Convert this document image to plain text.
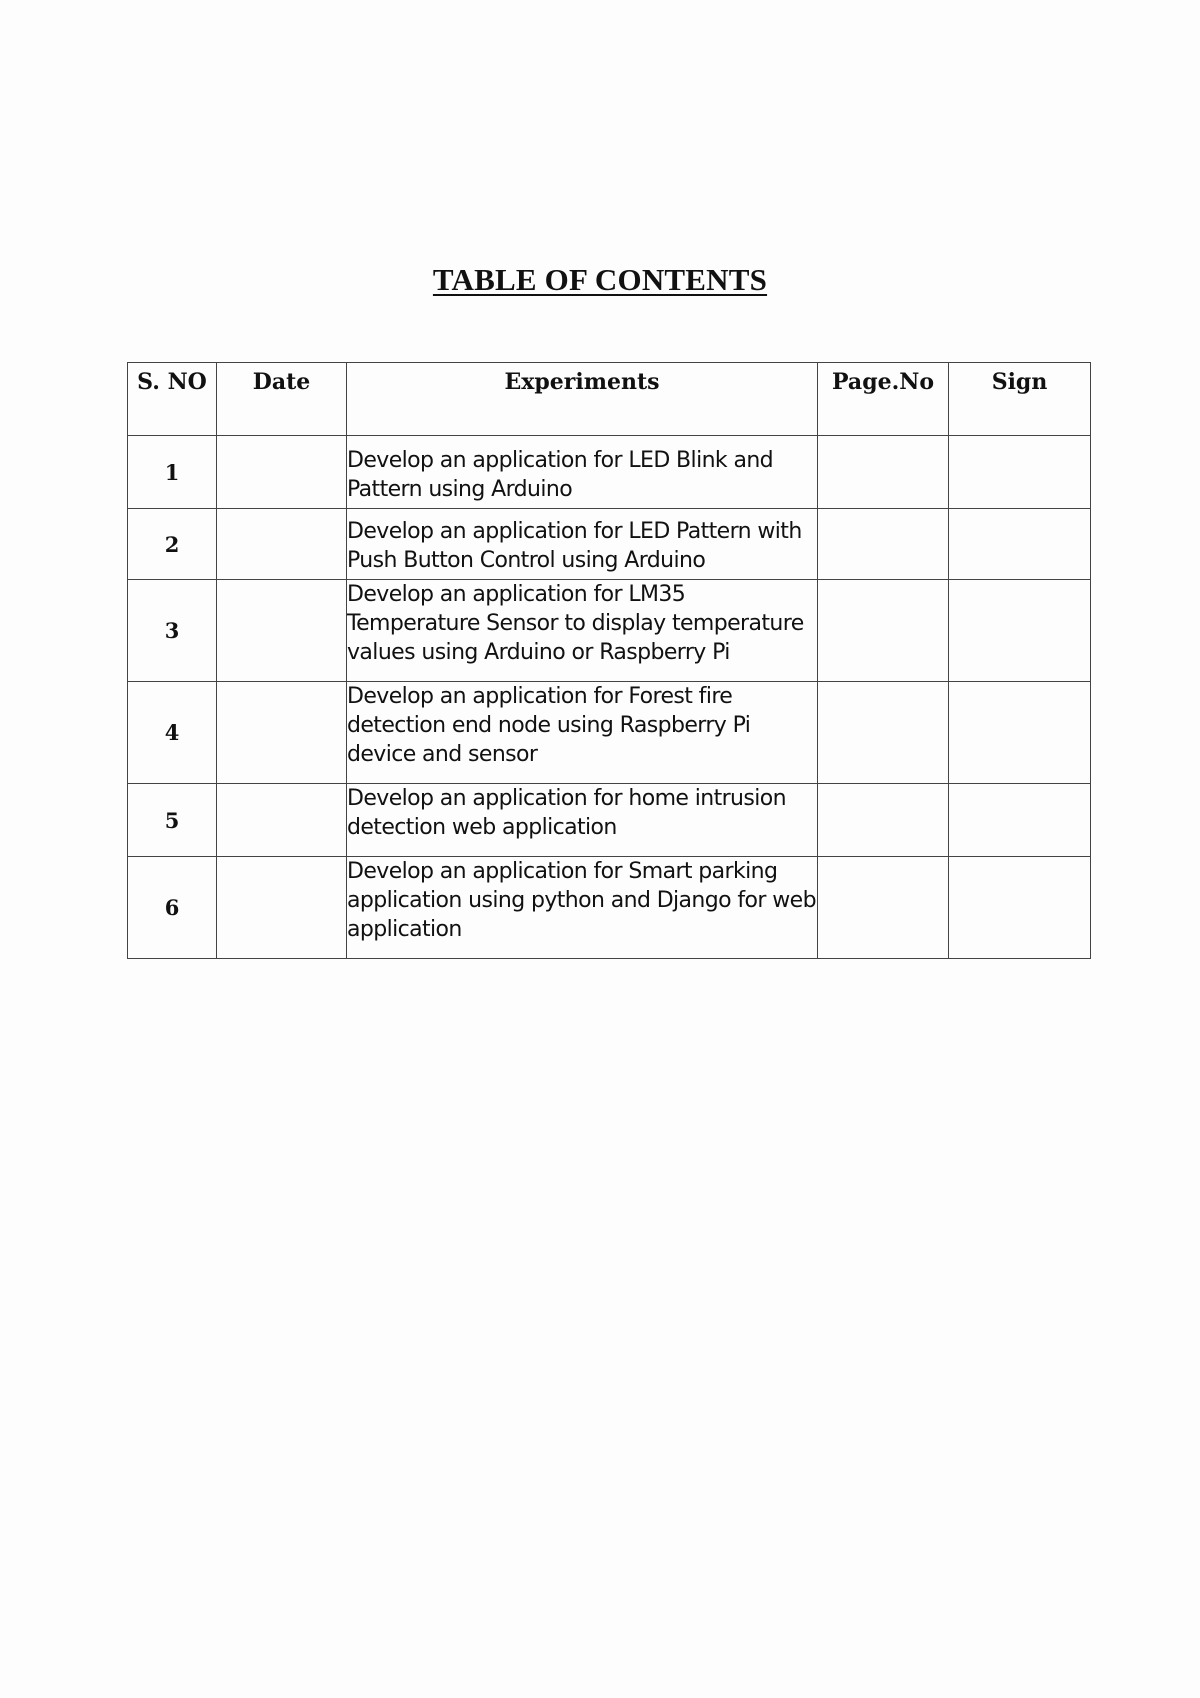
TABLE OF CONTENTS
S. NO	Date	Experiments	Page.No	Sign
1		Develop an application for LED Blink and Pattern using Arduino		
2		Develop an application for LED Pattern with Push Button Control using Arduino		
3		Develop an application for LM35 Temperature Sensor to display temperature values using Arduino or Raspberry Pi		
4		Develop an application for Forest fire detection end node using Raspberry Pi device and sensor		
5		Develop an application for home intrusion detection web application		
6		Develop an application for Smart parking application using python and Django for web application		
